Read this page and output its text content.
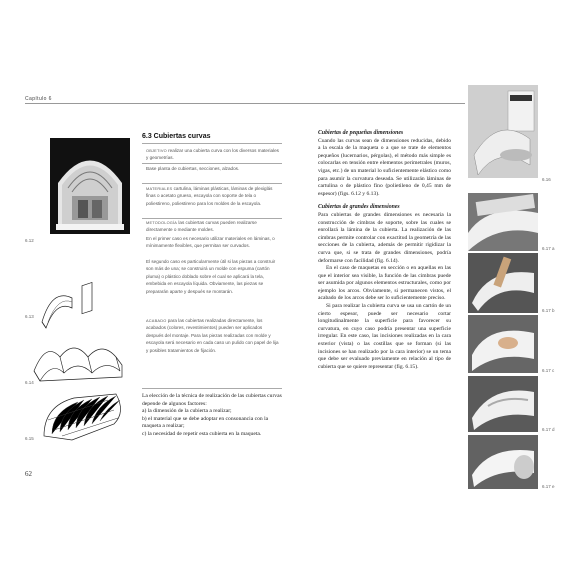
Capítulo 6
6.12
6.13
6.14
6.15
6.3 Cubiertas curvas
OBJETIVO realizar una cubierta curva con los diversos materiales y geometrías.
Base planta de cubiertas, secciones, alzados.
MATERIALES cartulina, láminas plásticas, láminas de plexiglás finas o acetato grueso, escayola con soporte de tela o poliestireno, poliestireno para los moldes de la escayola.
METODOLOGÍA las cubiertas curvas pueden realizarse directamente o mediante moldes.
En el primer caso es necesario utilizar materiales en láminas, o mínimamente flexibles, que permitan ser curvados.
El segundo caso es particularmente útil si las piezas a construir son más de una; se construirá un molde con espuma (cartón pluma) o plástico doblado sobre el cual se aplicará la tela, embebida en escayola líquida. Obviamente, las piezas se prepararán aparte y después se montarán.
ACABADO para las cubiertas realizadas directamente, los acabados (colores, revestimientos) pueden ser aplicados después del montaje. Para las piezas realizadas con molde y escayola será necesario en cada caso un pulido con papel de lija y posibles tratamientos de fijación.
La elección de la técnica de realización de las cubiertas curvas depende de algunos factores:
a) la dimensión de la cubierta a realizar;
b) el material que se debe adoptar en consonancia con la maqueta a realizar;
c) la necesidad de repetir esta cubierta en la maqueta.
Cubiertas de pequeñas dimensiones
Cuando las curvas sean de dimensiones reducidas, debido a la escala de la maqueta o a que se trate de elementos pequeños (lucernarios, pérgolas), el método más simple es colocarlas en tensión entre elementos perimetrales (muros, vigas, etc.) de un material lo suficientemente elástico como para asumir la curvatura deseada. Se utilizarán láminas de cartulina o de plástico fino (polietileno de 0,45 mm de espesor) (figs. 6.12 y 6.13).
Cubiertas de grandes dimensiones
Para cubiertas de grandes dimensiones es necesaria la construcción de cimbras de soporte, sobre las cuales se enrollará la lámina de la cubierta. La realización de las cimbras permite controlar con exactitud la geometría de las secciones de la cubierta, además de permitir rigidizar la curva que, si se trata de grandes dimensiones, podría deformarse con facilidad (fig. 6.14).
En el caso de maquetas en sección o en aquellas en las que el interior sea visible, la función de las cimbras puede ser asumida por algunos elementos estructurales, como por ejemplo los arcos. Obviamente, si permanecen vistos, el acabado de los arcos debe ser lo suficientemente preciso.
Si para realizar la cubierta curva se usa un cartón de un cierto espesor, puede ser necesario cortar longitudinalmente la superficie para favorecer su curvatura, en cuyo caso podría presentar una superficie irregular. En este caso, las incisiones realizadas en la cara exterior (vista) o las costillas que se forman (si las incisiones se han realizado por la cara interior) se un tema que debe ser evaluado previamente en relación al tipo de cubierta que se quiere representar (fig. 6.15).
6.16
6.17 a
6.17 b
6.17 c
6.17 d
6.17 e
62
